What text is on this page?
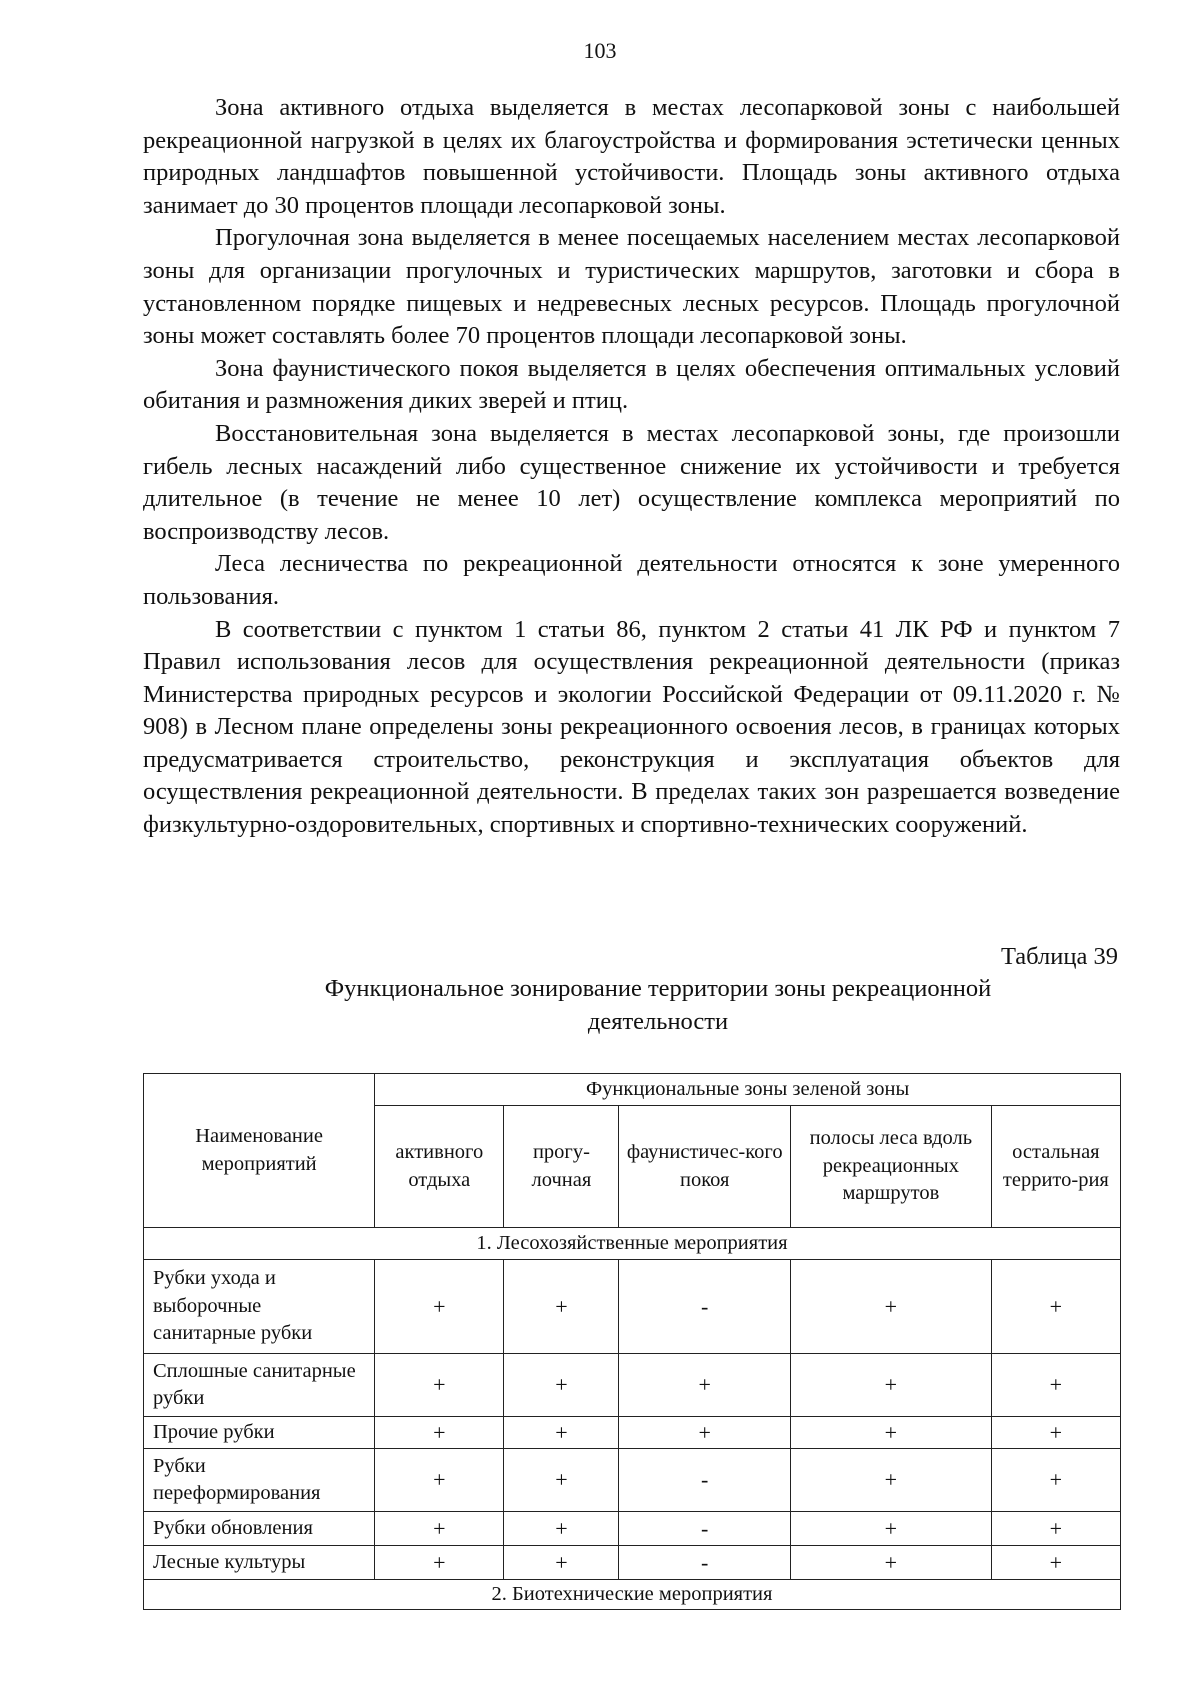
103

Зона активного отдыха выделяется в местах лесопарковой зоны с наибольшей рекреационной нагрузкой в целях их благоустройства и формирования эстетически ценных природных ландшафтов повышенной устойчивости. Площадь зоны активного отдыха занимает до 30 процентов площади лесопарковой зоны.

Прогулочная зона выделяется в менее посещаемых населением местах лесопарковой зоны для организации прогулочных и туристических маршрутов, заготовки и сбора в установленном порядке пищевых и недревесных лесных ресурсов. Площадь прогулочной зоны может составлять более 70 процентов площади лесопарковой зоны.

Зона фаунистического покоя выделяется в целях обеспечения оптимальных условий обитания и размножения диких зверей и птиц.

Восстановительная зона выделяется в местах лесопарковой зоны, где произошли гибель лесных насаждений либо существенное снижение их устойчивости и требуется длительное (в течение не менее 10 лет) осуществление комплекса мероприятий по воспроизводству лесов.

Леса лесничества по рекреационной деятельности относятся к зоне умеренного пользования.

В соответствии с пунктом 1 статьи 86, пунктом 2 статьи 41 ЛК РФ и пунктом 7 Правил использования лесов для осуществления рекреационной деятельности (приказ Министерства природных ресурсов и экологии Российской Федерации от 09.11.2020 г. № 908) в Лесном плане определены зоны рекреационного освоения лесов, в границах которых предусматривается строительство, реконструкция и эксплуатация объектов для осуществления рекреационной деятельности. В пределах таких зон разрешается возведение физкультурно-оздоровительных, спортивных и спортивно-технических сооружений.

Таблица 39
Функциональное зонирование территории зоны рекреационной деятельности
Наименование мероприятий	Функциональные зоны зеленой зоны				
	активного отдыха	прогу-лочная	фаунистичес-кого покоя	полосы леса вдоль рекреационных маршрутов	остальная террито-рия
1. Лесохозяйственные мероприятия					
Рубки ухода и выборочные санитарные рубки	+	+	-	+	+
Сплошные санитарные рубки	+	+	+	+	+
Прочие рубки	+	+	+	+	+
Рубки переформирования	+	+	-	+	+
Рубки обновления	+	+	-	+	+
Лесные культуры	+	+	-	+	+
2. Биотехнические мероприятия					
